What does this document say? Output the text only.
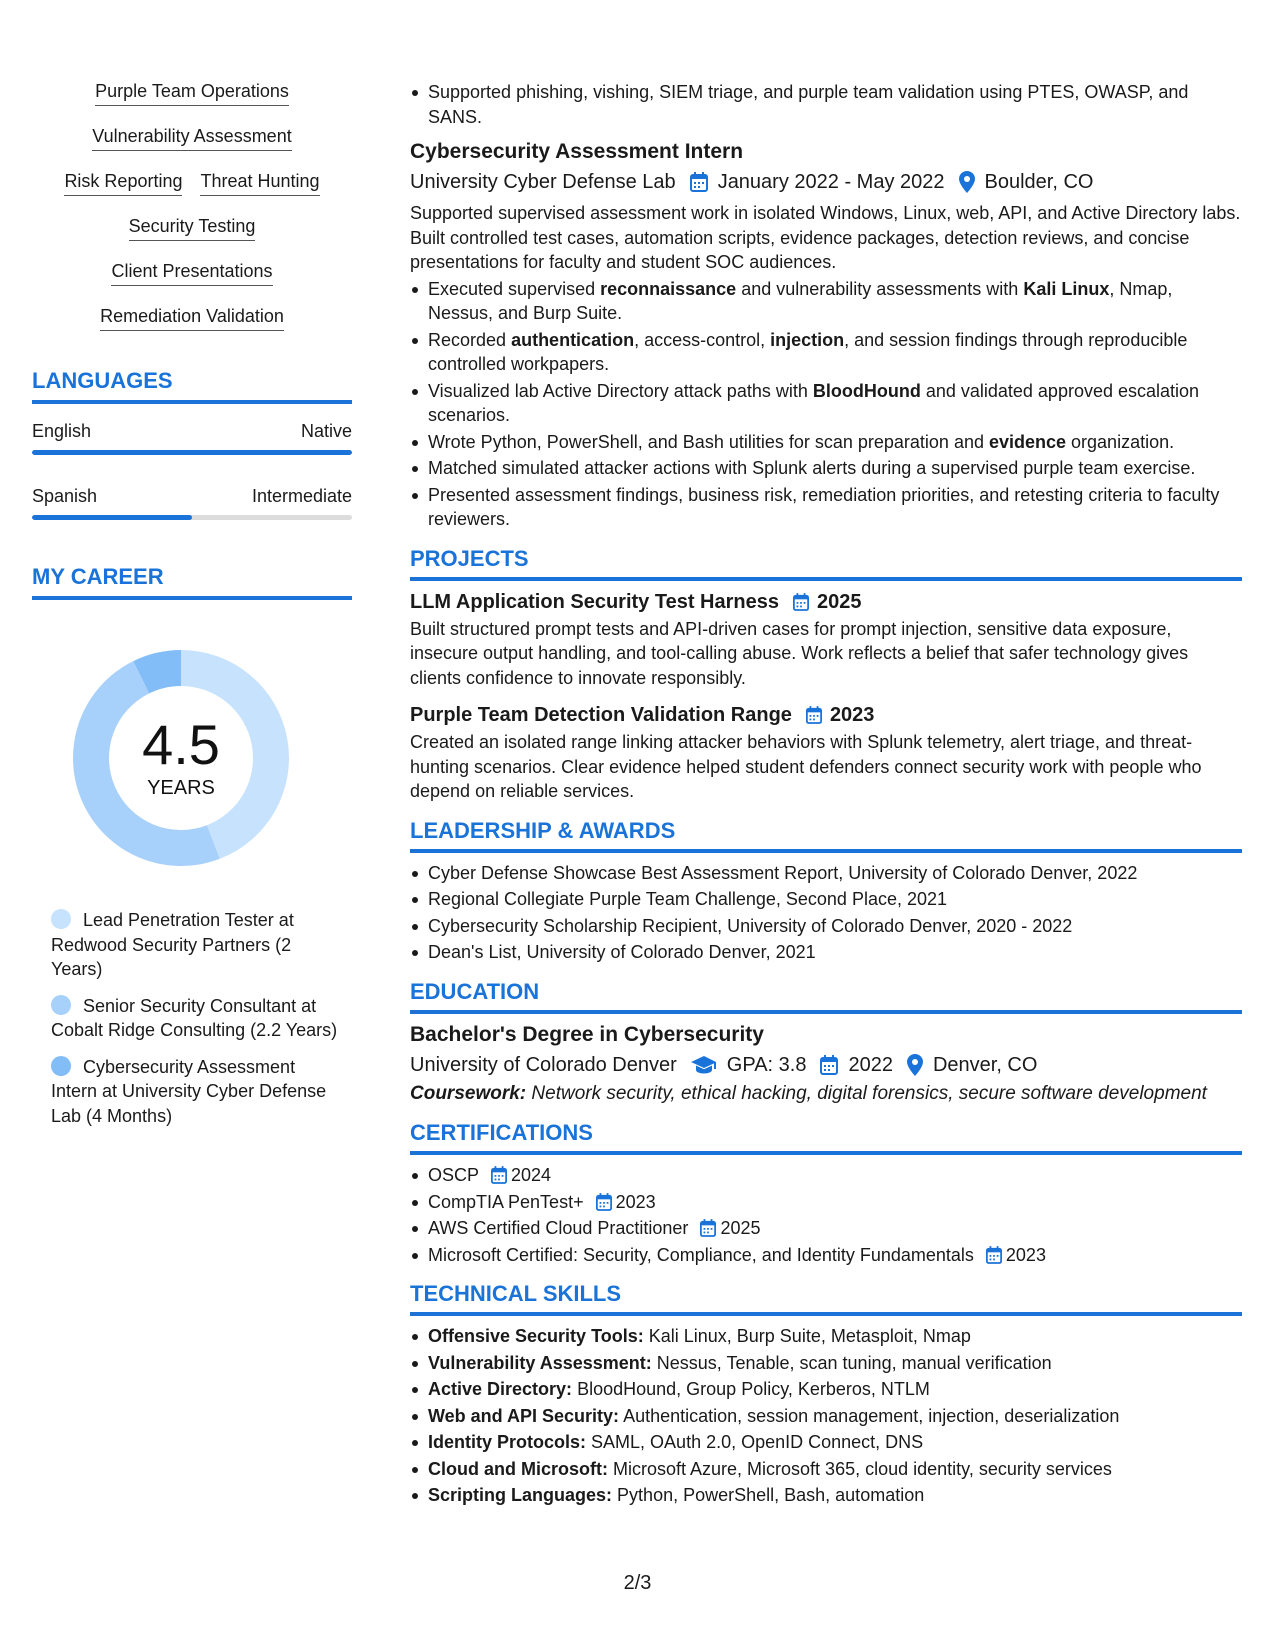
Purple Team Operations
Vulnerability Assessment
Risk Reporting Threat Hunting
Security Testing
Client Presentations
Remediation Validation
LANGUAGES
English	Native
Spanish	Intermediate
MY CAREER
4.5
YEARS
Lead Penetration Tester at Redwood Security Partners (2 Years)
Senior Security Consultant at Cobalt Ridge Consulting (2.2 Years)
Cybersecurity Assessment Intern at University Cyber Defense Lab (4 Months)
Supported phishing, vishing, SIEM triage, and purple team validation using PTES, OWASP, and SANS.
Cybersecurity Assessment Intern
University Cyber Defense Lab January 2022 - May 2022 Boulder, CO
Supported supervised assessment work in isolated Windows, Linux, web, API, and Active Directory labs. Built controlled test cases, automation scripts, evidence packages, detection reviews, and concise presentations for faculty and student SOC audiences.
Executed supervised reconnaissance and vulnerability assessments with Kali Linux, Nmap, Nessus, and Burp Suite.
Recorded authentication, access-control, injection, and session findings through reproducible controlled workpapers.
Visualized lab Active Directory attack paths with BloodHound and validated approved escalation scenarios.
Wrote Python, PowerShell, and Bash utilities for scan preparation and evidence organization.
Matched simulated attacker actions with Splunk alerts during a supervised purple team exercise.
Presented assessment findings, business risk, remediation priorities, and retesting criteria to faculty reviewers.
PROJECTS
LLM Application Security Test Harness 2025
Built structured prompt tests and API-driven cases for prompt injection, sensitive data exposure, insecure output handling, and tool-calling abuse. Work reflects a belief that safer technology gives clients confidence to innovate responsibly.
Purple Team Detection Validation Range 2023
Created an isolated range linking attacker behaviors with Splunk telemetry, alert triage, and threat-hunting scenarios. Clear evidence helped student defenders connect security work with people who depend on reliable services.
LEADERSHIP & AWARDS
Cyber Defense Showcase Best Assessment Report, University of Colorado Denver, 2022
Regional Collegiate Purple Team Challenge, Second Place, 2021
Cybersecurity Scholarship Recipient, University of Colorado Denver, 2020 - 2022
Dean's List, University of Colorado Denver, 2021
EDUCATION
Bachelor's Degree in Cybersecurity
University of Colorado Denver	GPA: 3.8 2022 Denver, CO
Coursework: Network security, ethical hacking, digital forensics, secure software development
CERTIFICATIONS
OSCP 2024
CompTIA PenTest+ 2023
AWS Certified Cloud Practitioner 2025
Microsoft Certified: Security, Compliance, and Identity Fundamentals 2023
TECHNICAL SKILLS
Offensive Security Tools: Kali Linux, Burp Suite, Metasploit, Nmap
Vulnerability Assessment: Nessus, Tenable, scan tuning, manual verification
Active Directory: BloodHound, Group Policy, Kerberos, NTLM
Web and API Security: Authentication, session management, injection, deserialization
Identity Protocols: SAML, OAuth 2.0, OpenID Connect, DNS
Cloud and Microsoft: Microsoft Azure, Microsoft 365, cloud identity, security services
Scripting Languages: Python, PowerShell, Bash, automation
2/3
